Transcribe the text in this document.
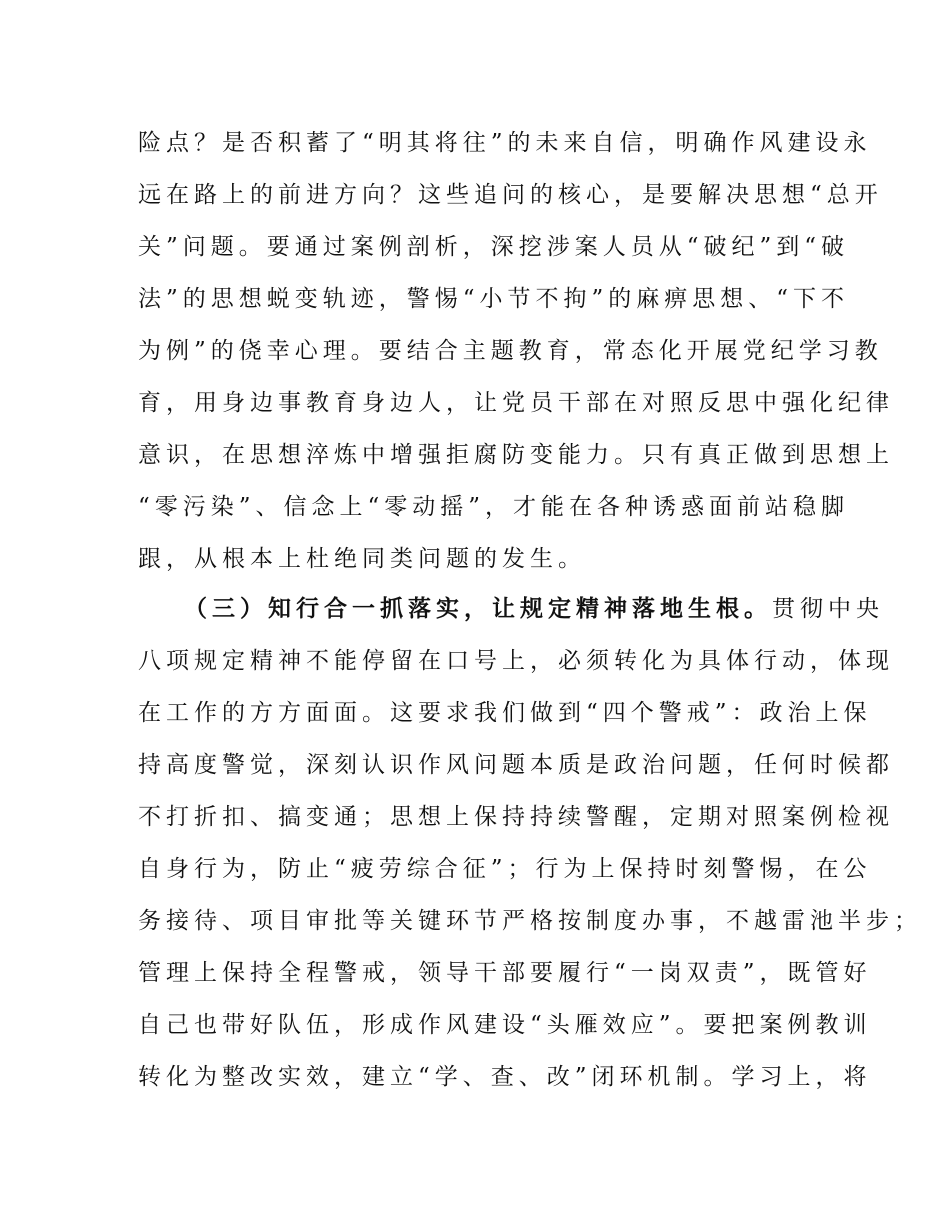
险点？是否积蓄了“明其将往”的未来自信，明确作风建设永
远在路上的前进方向？这些追问的核心，是要解决思想“总开
关”问题。要通过案例剖析，深挖涉案人员从“破纪”到“破
法”的思想蜕变轨迹，警惕“小节不拘”的麻痹思想、“下不
为例”的侥幸心理。要结合主题教育，常态化开展党纪学习教
育，用身边事教育身边人，让党员干部在对照反思中强化纪律
意识，在思想淬炼中增强拒腐防变能力。只有真正做到思想上
“零污染”、信念上“零动摇”，才能在各种诱惑面前站稳脚
跟，从根本上杜绝同类问题的发生。
（三）知行合一抓落实，让规定精神落地生根。贯彻中央
八项规定精神不能停留在口号上，必须转化为具体行动，体现
在工作的方方面面。这要求我们做到“四个警戒”：政治上保
持高度警觉，深刻认识作风问题本质是政治问题，任何时候都
不打折扣、搞变通；思想上保持持续警醒，定期对照案例检视
自身行为，防止“疲劳综合征”；行为上保持时刻警惕，在公
务接待、项目审批等关键环节严格按制度办事，不越雷池半步；
管理上保持全程警戒，领导干部要履行“一岗双责”，既管好
自己也带好队伍，形成作风建设“头雁效应”。要把案例教训
转化为整改实效，建立“学、查、改”闭环机制。学习上，将
